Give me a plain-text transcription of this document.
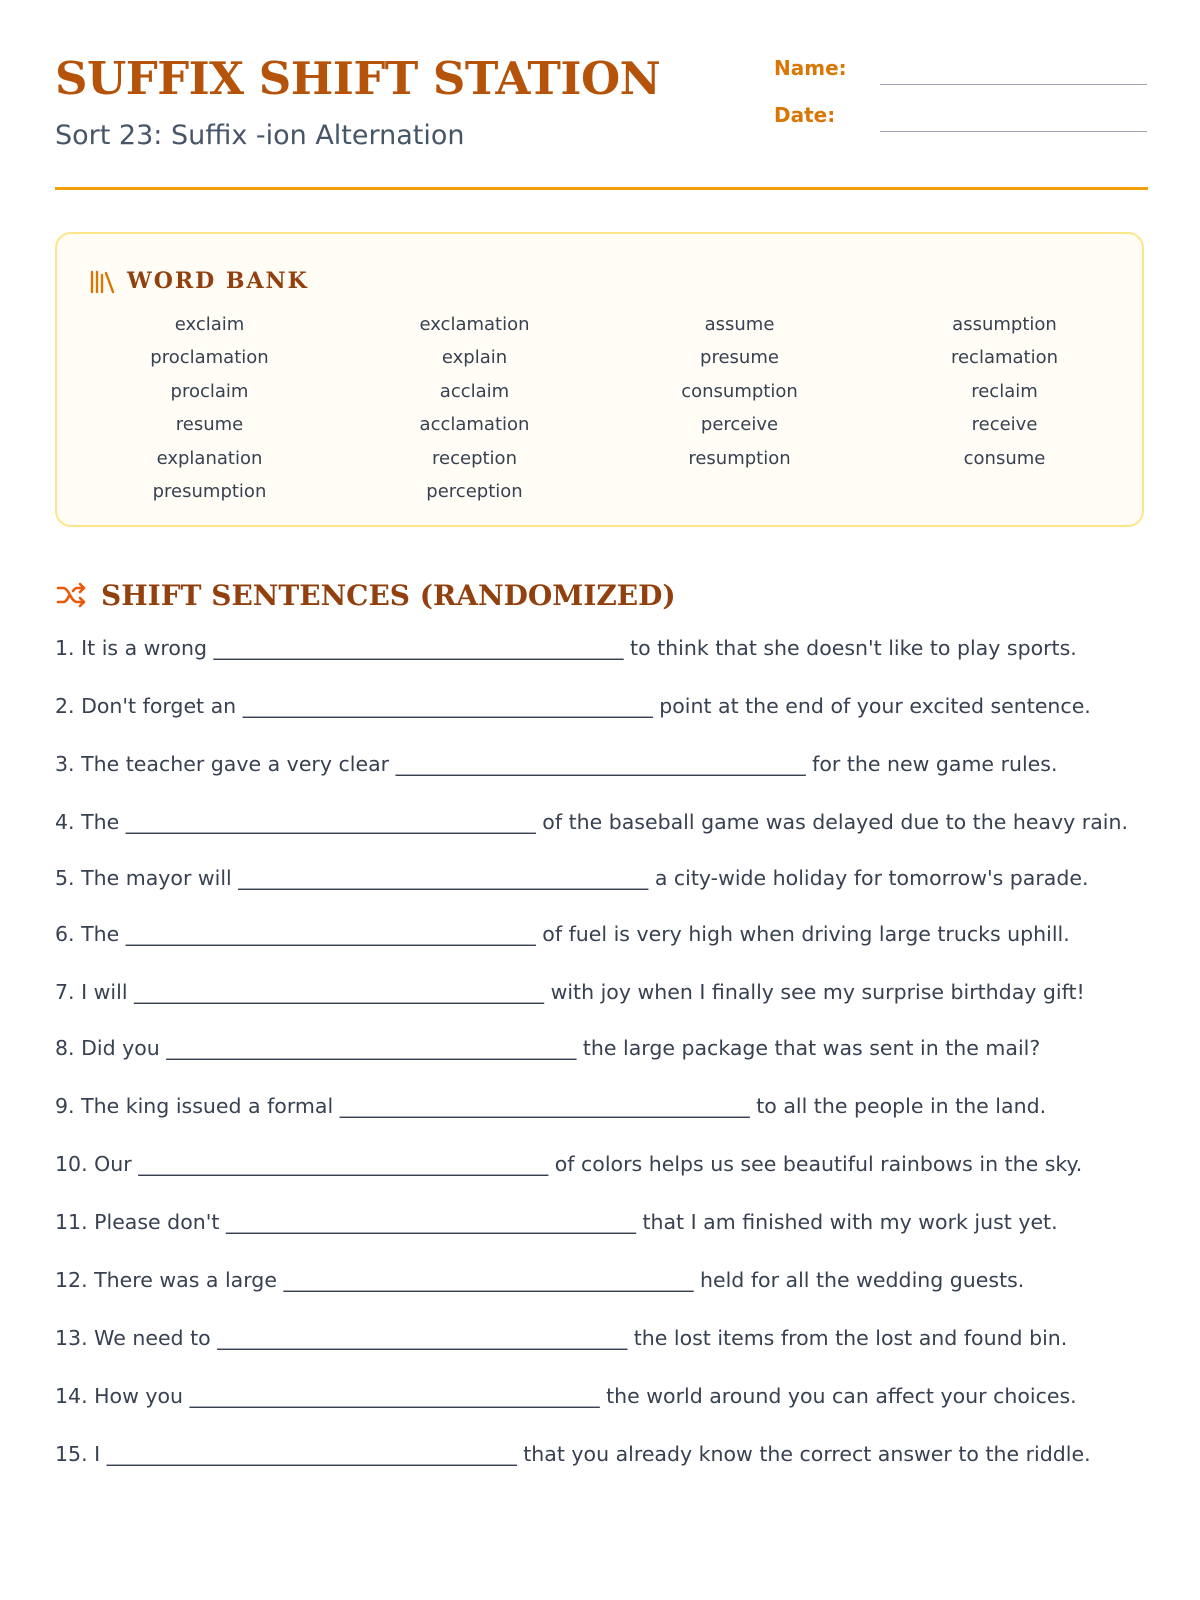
SUFFIX SHIFT STATION

Sort 23: Suffix -ion Alternation

Name:
Date:
WORD BANK
exclaim	exclamation	assume	assumption
proclamation	explain	presume	reclamation
proclaim	acclaim	consumption	reclaim
resume	acclamation	perceive	receive
explanation	reception	resumption	consume
presumption	perception
SHIFT SENTENCES (RANDOMIZED)
1. It is a wrong ________________________________________ to think that she doesn't like to play sports.
2. Don't forget an ________________________________________ point at the end of your excited sentence.
3. The teacher gave a very clear ________________________________________ for the new game rules.
4. The ________________________________________ of the baseball game was delayed due to the heavy rain.
5. The mayor will ________________________________________ a city-wide holiday for tomorrow's parade.
6. The ________________________________________ of fuel is very high when driving large trucks uphill.
7. I will ________________________________________ with joy when I finally see my surprise birthday gift!
8. Did you ________________________________________ the large package that was sent in the mail?
9. The king issued a formal ________________________________________ to all the people in the land.
10. Our ________________________________________ of colors helps us see beautiful rainbows in the sky.
11. Please don't ________________________________________ that I am finished with my work just yet.
12. There was a large ________________________________________ held for all the wedding guests.
13. We need to ________________________________________ the lost items from the lost and found bin.
14. How you ________________________________________ the world around you can affect your choices.
15. I ________________________________________ that you already know the correct answer to the riddle.
